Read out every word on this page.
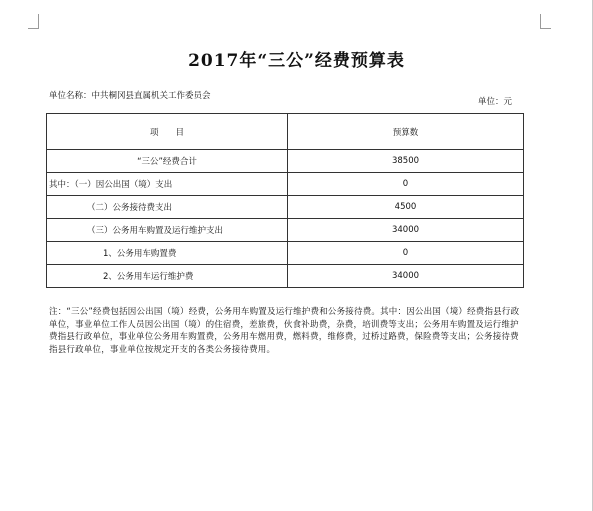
2017年“三公”经费预算表
单位名称：中共桐冈县直属机关工作委员会
单位：元
项　　目	预算数
“三公”经费合计	38500
其中：（一）因公出国（境）支出	0
（二）公务接待费支出	4500
（三）公务用车购置及运行维护支出	34000
1、公务用车购置费	0
2、公务用车运行维护费	34000
注：“三公”经费包括因公出国（境）经费，公务用车购置及运行维护费和公务接待费。其中：因公出国（境）经费指县行政单位，事业单位工作人员因公出国（境）的住宿费，差旅费，伙食补助费，杂费，培训费等支出；公务用车购置及运行维护费指县行政单位，事业单位公务用车购置费，公务用车燃用费，燃料费，维修费，过桥过路费，保险费等支出；公务接待费指县行政单位，事业单位按规定开支的各类公务接待费用。
